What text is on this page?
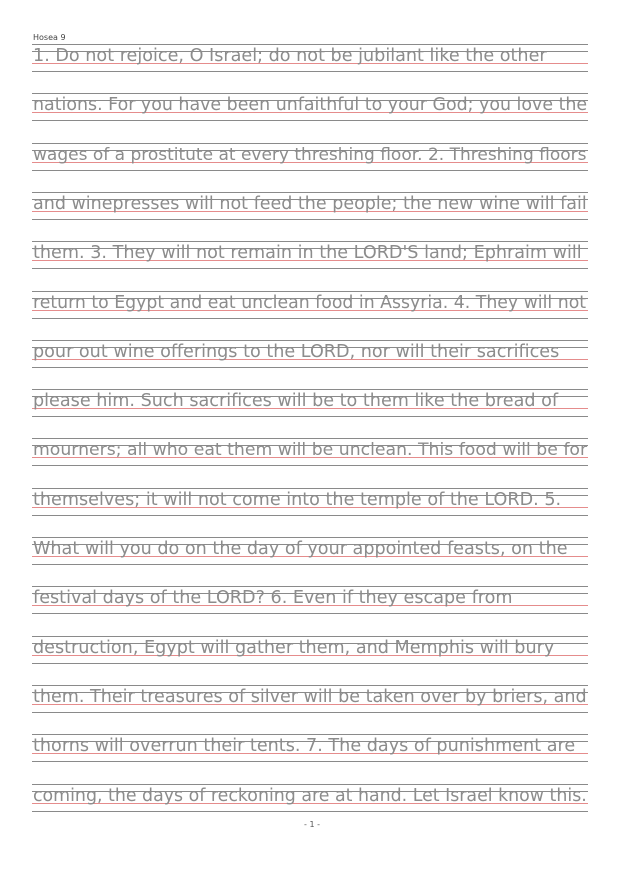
Hosea 9
1. Do not rejoice, O Israel; do not be jubilant like the other
nations. For you have been unfaithful to your God; you love the
wages of a prostitute at every threshing floor. 2. Threshing floors
and winepresses will not feed the people; the new wine will fail
them. 3. They will not remain in the LORD'S land; Ephraim will
return to Egypt and eat unclean food in Assyria. 4. They will not
pour out wine offerings to the LORD, nor will their sacrifices
please him. Such sacrifices will be to them like the bread of
mourners; all who eat them will be unclean. This food will be for
themselves; it will not come into the temple of the LORD. 5.
What will you do on the day of your appointed feasts, on the
festival days of the LORD? 6. Even if they escape from
destruction, Egypt will gather them, and Memphis will bury
them. Their treasures of silver will be taken over by briers, and
thorns will overrun their tents. 7. The days of punishment are
coming, the days of reckoning are at hand. Let Israel know this.
- 1 -
